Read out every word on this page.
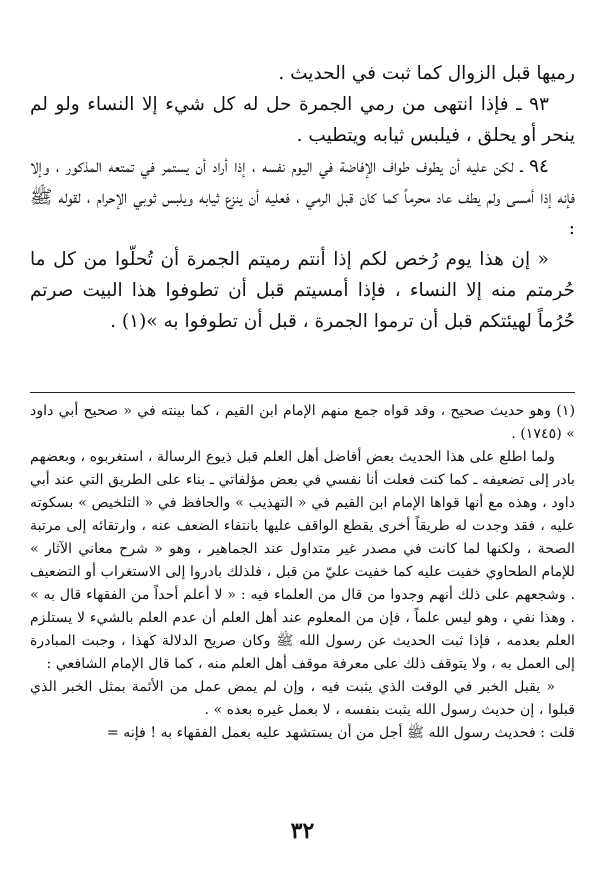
رميها قبل الزوال كما ثبت في الحديث .

٩٣ ـ فإذا انتهى من رمي الجمرة حل له كل شيء إلا النساء ولو لم ينحر أو يحلق ، فيلبس ثيابه ويتطيب .

٩٤ ـ لكن عليه أن يطوف طواف الإفاضة في اليوم نفسه ، إذا أراد أن يستمر في تمتعه المذكور ، وإلا فإنه إذا أمسى ولم يطف عاد محرماً كما كان قبل الرمي ، فعليه أن ينزع ثيابه ويلبس ثوبي الإحرام ، لقوله ﷺ :

« إن هذا يوم رُخص لكم إذا أنتم رميتم الجمرة أن تُحلّوا من كل ما حُرمتم منه إلا النساء ، فإذا أمسيتم قبل أن تطوفوا هذا البيت صرتم حُرُماً لهيئتكم قبل أن ترموا الجمرة ، قبل أن تطوفوا به »(١) .

(١) وهو حديث صحيح ، وقد قواه جمع منهم الإمام ابن القيم ، كما بينته في « صحيح أبي داود » (١٧٤٥) .

ولما اطلع على هذا الحديث بعض أفاضل أهل العلم قبل ذيوع الرسالة ، استغربوه ، وبعضهم بادر إلى تضعيفه ـ كما كنت فعلت أنا نفسي في بعض مؤلفاتي ـ بناء على الطريق التي عند أبي داود ، وهذه مع أنها قواها الإمام ابن القيم في « التهذيب » والحافظ في « التلخيص » بسكوته عليه ، فقد وجدت له طريقاً أخرى يقطع الواقف عليها بانتفاء الضعف عنه ، وارتقائه إلى مرتبة الصحة ، ولكنها لما كانت في مصدر غير متداول عند الجماهير ، وهو « شرح معاني الآثار » للإمام الطحاوي خفيت عليه كما خفيت عليّ من قبل ، فلذلك بادروا إلى الاستغراب أو التضعيف . وشجعهم على ذلك أنهم وجدوا من قال من العلماء فيه : « لا أعلم أحداً من الفقهاء قال به » . وهذا نفي ، وهو ليس علماً ، فإن من المعلوم عند أهل العلم أن عدم العلم بالشيء لا يستلزم العلم بعدمه ، فإذا ثبت الحديث عن رسول الله ﷺ وكان صريح الدلالة كهذا ، وجبت المبادرة إلى العمل به ، ولا يتوقف ذلك على معرفة موقف أهل العلم منه ، كما قال الإمام الشافعي :

« يقبل الخبر في الوقت الذي يثبت فيه ، وإن لم يمض عمل من الأئمة بمثل الخبر الذي قبلوا ، إن حديث رسول الله يثبت بنفسه ، لا بعمل غيره بعده » .

قلت : فحديث رسول الله ﷺ أجل من أن يستشهد عليه بعمل الفقهاء به ! فإنه =

٣٢
